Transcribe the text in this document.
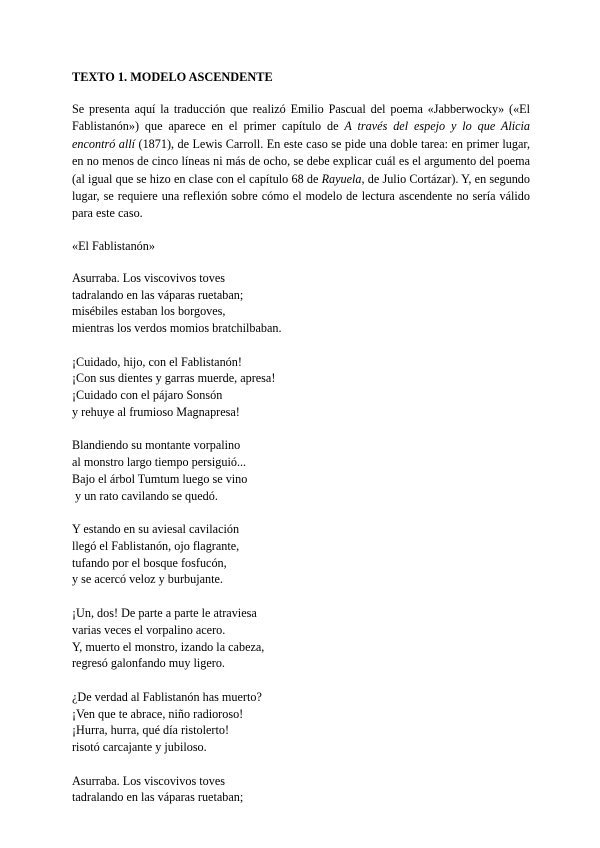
TEXTO 1. MODELO ASCENDENTE

Se presenta aquí la traducción que realizó Emilio Pascual del poema «Jabberwocky» («El Fablistanón») que aparece en el primer capítulo de A través del espejo y lo que Alicia encontró allí (1871), de Lewis Carroll. En este caso se pide una doble tarea: en primer lugar, en no menos de cinco líneas ni más de ocho, se debe explicar cuál es el argumento del poema (al igual que se hizo en clase con el capítulo 68 de Rayuela, de Julio Cortázar). Y, en segundo lugar, se requiere una reflexión sobre cómo el modelo de lectura ascendente no sería válido para este caso.

«El Fablistanón»
Asurraba. Los viscovivos toves
tadralando en las váparas ruetaban;
misébiles estaban los borgoves,
mientras los verdos momios bratchilbaban.
¡Cuidado, hijo, con el Fablistanón!
¡Con sus dientes y garras muerde, apresa!
¡Cuidado con el pájaro Sonsón
y rehuye al frumioso Magnapresa!
Blandiendo su montante vorpalino
al monstro largo tiempo persiguió...
Bajo el árbol Tumtum luego se vino
y un rato cavilando se quedó.
Y estando en su aviesal cavilación
llegó el Fablistanón, ojo flagrante,
tufando por el bosque fosfucón,
y se acercó veloz y burbujante.
¡Un, dos! De parte a parte le atraviesa
varias veces el vorpalino acero.
Y, muerto el monstro, izando la cabeza,
regresó galonfando muy ligero.
¿De verdad al Fablistanón has muerto?
¡Ven que te abrace, niño radioroso!
¡Hurra, hurra, qué día ristolerto!
risotó carcajante y jubiloso.
Asurraba. Los viscovivos toves
tadralando en las váparas ruetaban;
